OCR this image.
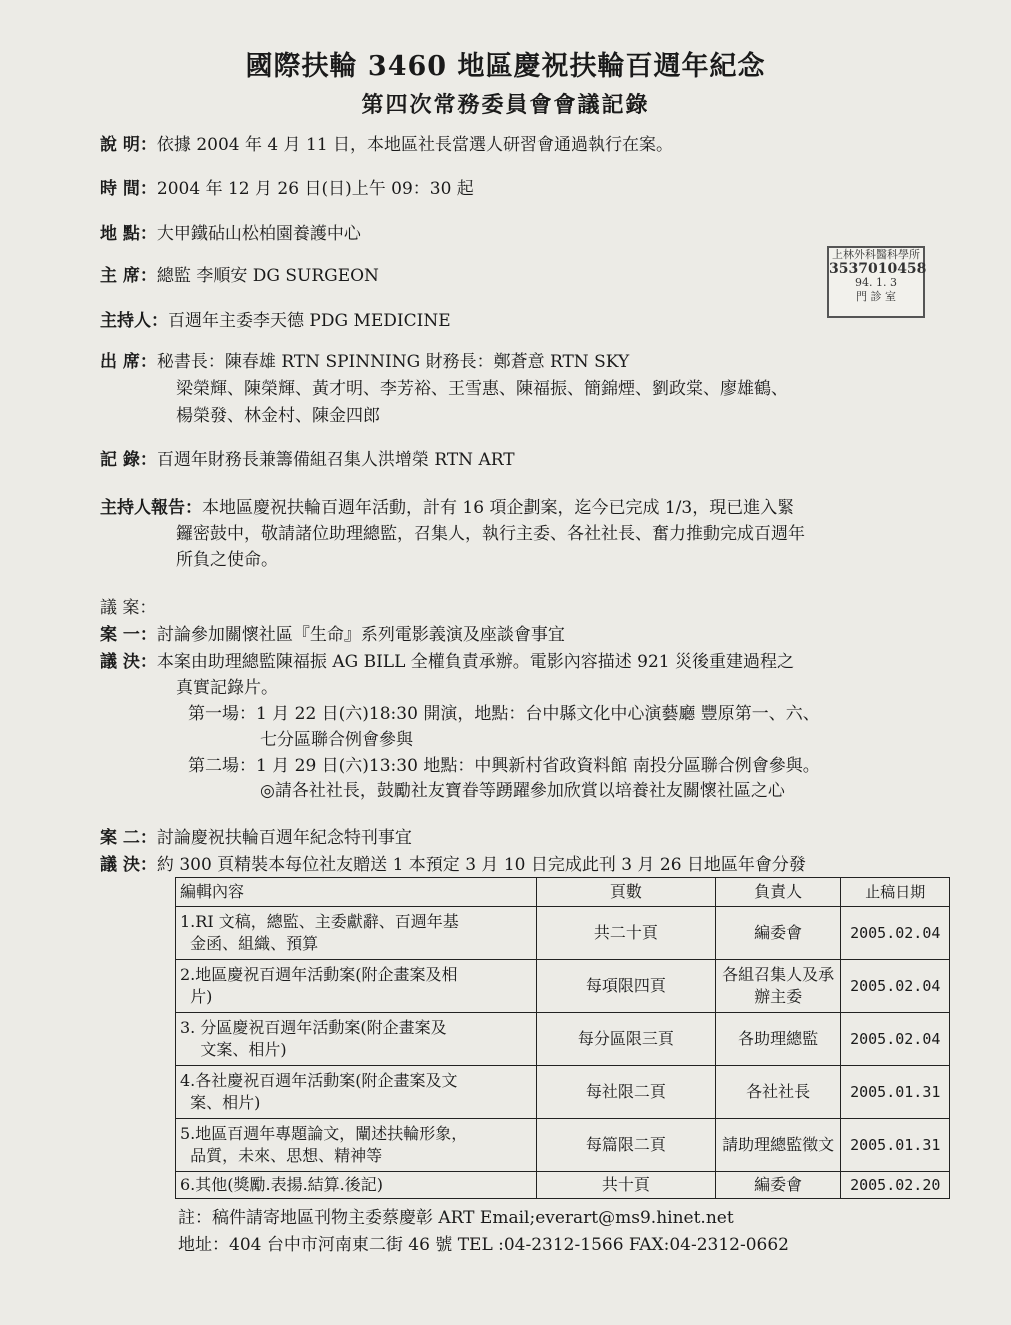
國際扶輪 3460 地區慶祝扶輪百週年紀念
第四次常務委員會會議記錄
說 明：依據 2004 年 4 月 11 日，本地區社長當選人研習會通過執行在案。
時 間：2004 年 12 月 26 日(日)上午 09：30 起
地 點：大甲鐵砧山松柏園養護中心
主 席：總監 李順安 DG SURGEON
主持人：百週年主委李天德 PDG MEDICINE
上林外科醫科學所
3537010458
94. 1. 3
門 診 室
出 席：秘書長：陳春雄 RTN SPINNING 財務長：鄭蒼意 RTN SKY
梁榮輝、陳榮輝、黃才明、李芳裕、王雪惠、陳福振、簡錦煙、劉政棠、廖雄鶴、
楊榮發、林金村、陳金四郎
記 錄：百週年財務長兼籌備組召集人洪增榮 RTN ART
主持人報告：本地區慶祝扶輪百週年活動，計有 16 項企劃案，迄今已完成 1/3，現已進入緊
鑼密鼓中，敬請諸位助理總監，召集人，執行主委、各社社長、奮力推動完成百週年
所負之使命。
議 案：
案 一：討論參加關懷社區『生命』系列電影義演及座談會事宜
議 決：本案由助理總監陳福振 AG BILL 全權負責承辦。電影內容描述 921 災後重建過程之
真實記錄片。
第一場：1 月 22 日(六)18:30 開演，地點：台中縣文化中心演藝廳 豐原第一、六、
七分區聯合例會參與
第二場：1 月 29 日(六)13:30 地點：中興新村省政資料館 南投分區聯合例會參與。
◎請各社社長，鼓勵社友寶眷等踴躍參加欣賞以培養社友關懷社區之心
案 二：討論慶祝扶輪百週年紀念特刊事宜
議 決：約 300 頁精裝本每位社友贈送 1 本預定 3 月 10 日完成此刊 3 月 26 日地區年會分發
編輯內容	頁數	負責人	止稿日期

1.RI 文稿，總監、主委獻辭、百週年基
金函、組織、預算	共二十頁	編委會	2005.02.04

2.地區慶祝百週年活動案(附企畫案及相
片)	每項限四頁	各組召集人及承辦主委	2005.02.04

3. 分區慶祝百週年活動案(附企畫案及
文案、相片)	每分區限三頁	各助理總監	2005.02.04

4.各社慶祝百週年活動案(附企畫案及文
案、相片)	每社限二頁	各社社長	2005.01.31

5.地區百週年專題論文，闡述扶輪形象，
品質，未來、思想、精神等	每篇限二頁	請助理總監徵文	2005.01.31

6.其他(獎勵.表揚.結算.後記)	共十頁	編委會	2005.02.20
註：稿件請寄地區刊物主委蔡慶彰 ART Email;everart@ms9.hinet.net
地址：404 台中市河南東二街 46 號 TEL :04-2312-1566 FAX:04-2312-0662
